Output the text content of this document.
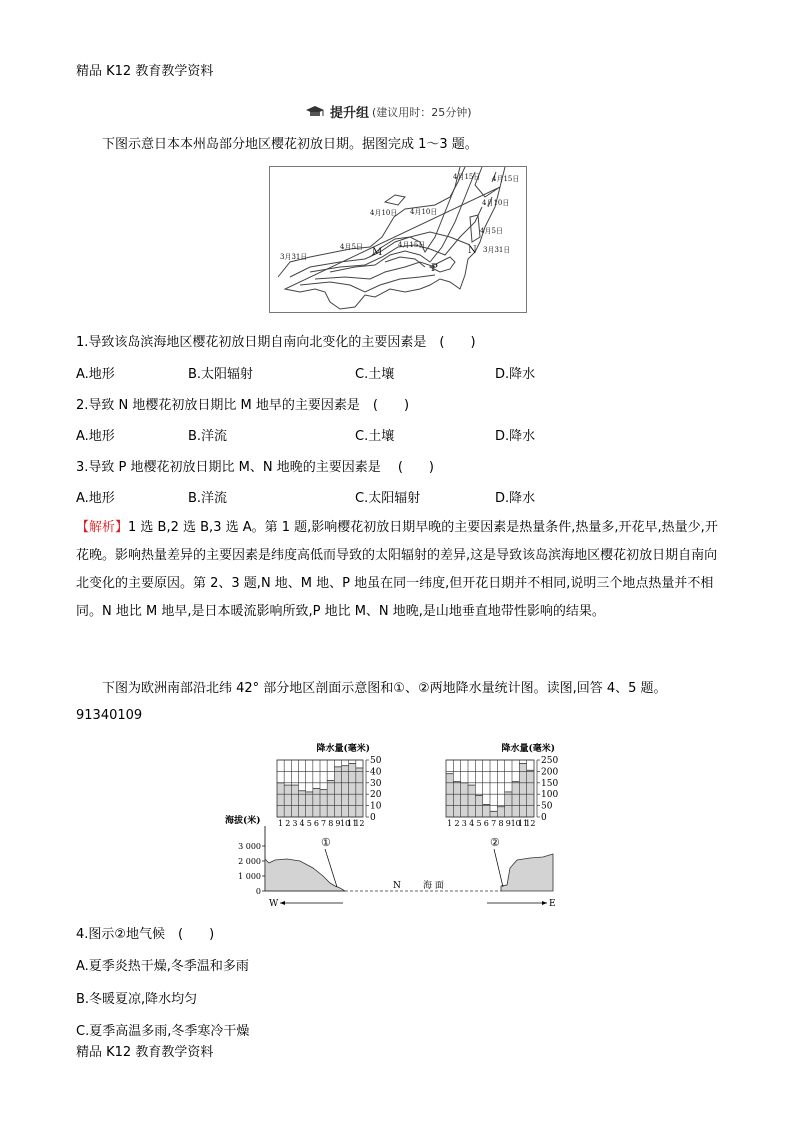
精品 K12 教育教学资料
提升组 (建议用时：25分钟)
下图示意日本本州岛部分地区樱花初放日期。据图完成 1～3 题。
4月15日 4月15日
4月10日 4月10日
4月10日
4月5日
4月5日
4月15日
3月31日
3月31日
M
P
N
1.导致该岛滨海地区樱花初放日期自南向北变化的主要因素是　(　　)
A.地形	B.太阳辐射	C.土壤	D.降水
2.导致 N 地樱花初放日期比 M 地早的主要因素是　(　　)
A.地形	B.洋流	C.土壤	D.降水
3.导致 P 地樱花初放日期比 M、N 地晚的主要因素是　 (　　)
A.地形	B.洋流	C.太阳辐射	D.降水
【解析】1 选 B,2 选 B,3 选 A。第 1 题,影响樱花初放日期早晚的主要因素是热量条件,热量多,开花早,热量少,开花晚。影响热量差异的主要因素是纬度高低而导致的太阳辐射的差异,这是导致该岛滨海地区樱花初放日期自南向北变化的主要原因。第 2、3 题,N 地、M 地、P 地虽在同一纬度,但开花日期并不相同,说明三个地点热量并不相同。N 地比 M 地早,是日本暖流影响所致,P 地比 M、N 地晚,是山地垂直地带性影响的结果。
下图为欧洲南部沿北纬 42° 部分地区剖面示意图和①、②两地降水量统计图。读图,回答 4、5 题。
91340109
降水量(毫米)
0
10
20
30
40
50
1 2 3 4 5 6 7 8 9 10
11
12
降水量(毫米)
0
50
100
150
200
250
1 2 3 4 5 6 7 8 9 10
11
12
海拔(米)
0
1 000
2 000
3 000
N 海 面
①	②
W	E
4.图示②地气候　(　　)
A.夏季炎热干燥,冬季温和多雨
B.冬暖夏凉,降水均匀
C.夏季高温多雨,冬季寒冷干燥
精品 K12 教育教学资料
